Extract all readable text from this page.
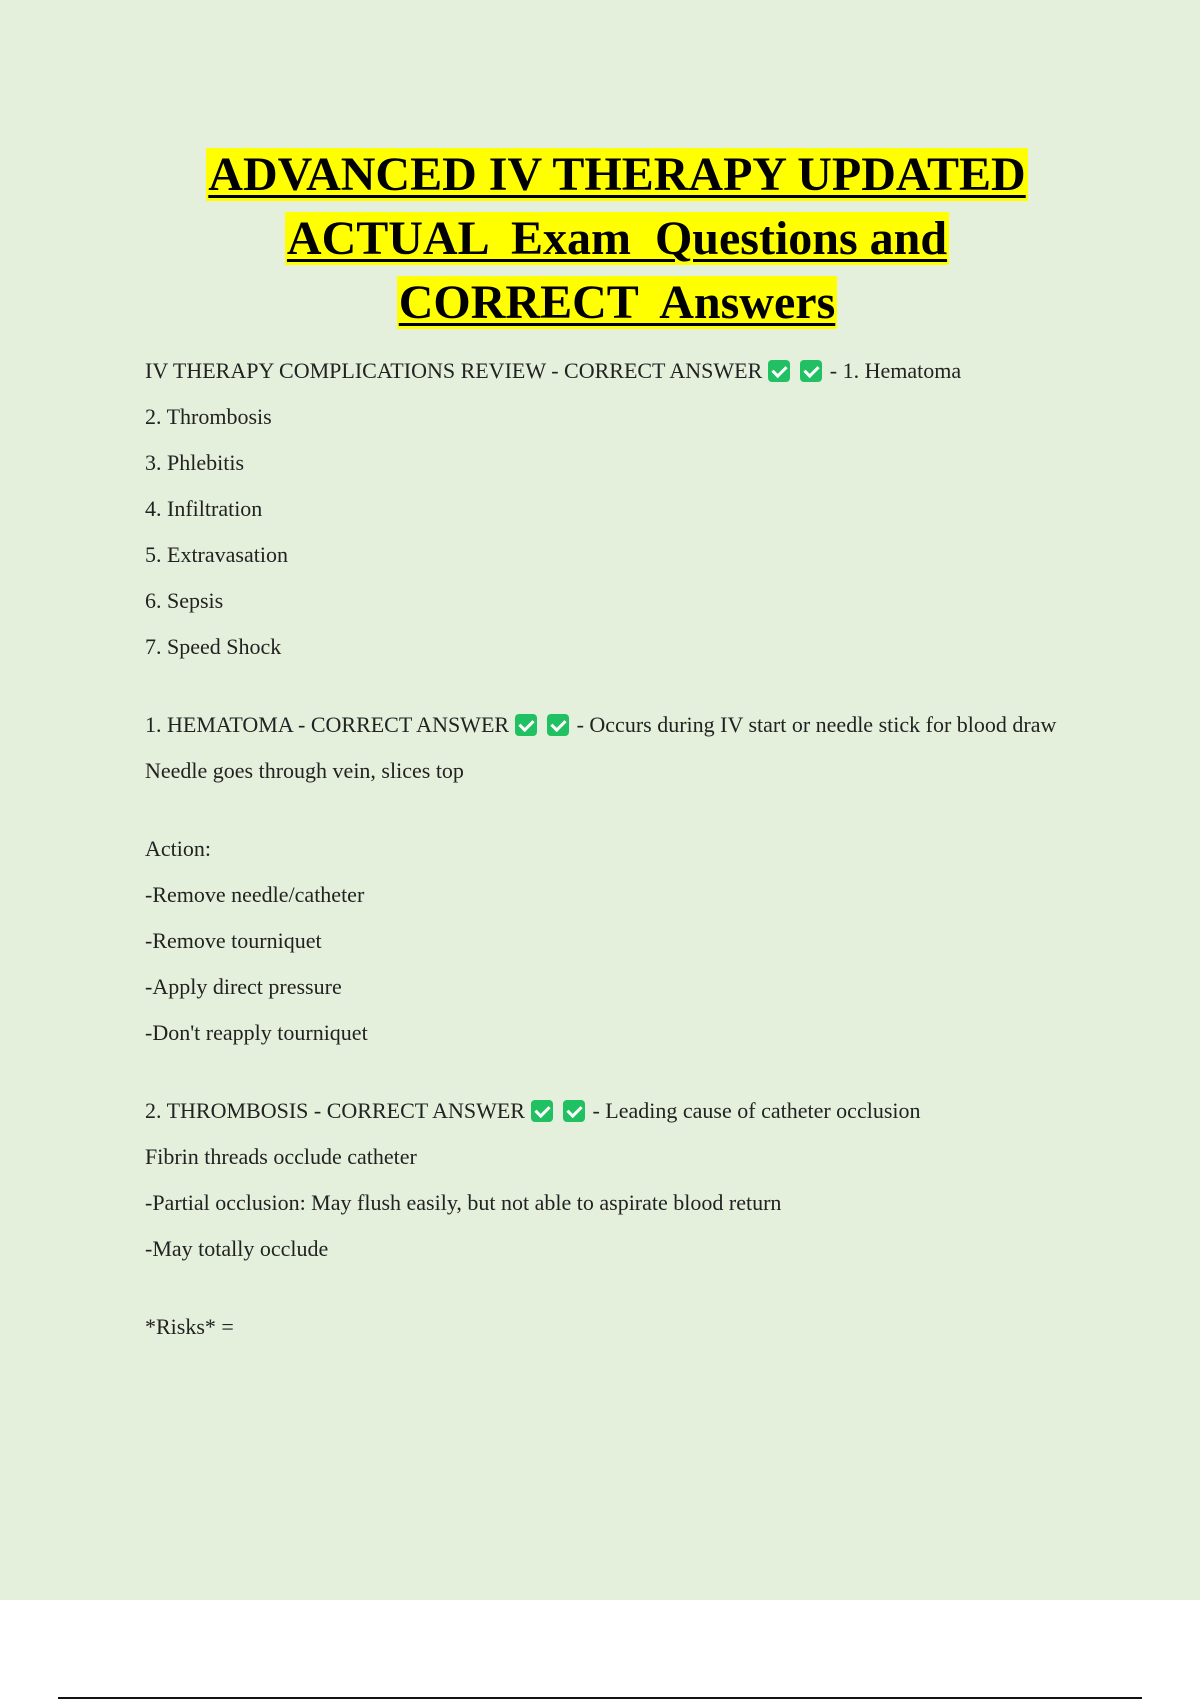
ADVANCED IV THERAPY UPDATED
ACTUAL  Exam  Questions and
CORRECT  Answers

IV THERAPY COMPLICATIONS REVIEW - CORRECT ANSWER	- 1. Hematoma

2. Thrombosis

3. Phlebitis

4. Infiltration

5. Extravasation

6. Sepsis

7. Speed Shock

1. HEMATOMA - CORRECT ANSWER	- Occurs during IV start or needle stick for blood draw

Needle goes through vein, slices top

Action:

-Remove needle/catheter

-Remove tourniquet

-Apply direct pressure

-Don't reapply tourniquet

2. THROMBOSIS - CORRECT ANSWER	- Leading cause of catheter occlusion

Fibrin threads occlude catheter

-Partial occlusion: May flush easily, but not able to aspirate blood return

-May totally occlude

*Risks* =
